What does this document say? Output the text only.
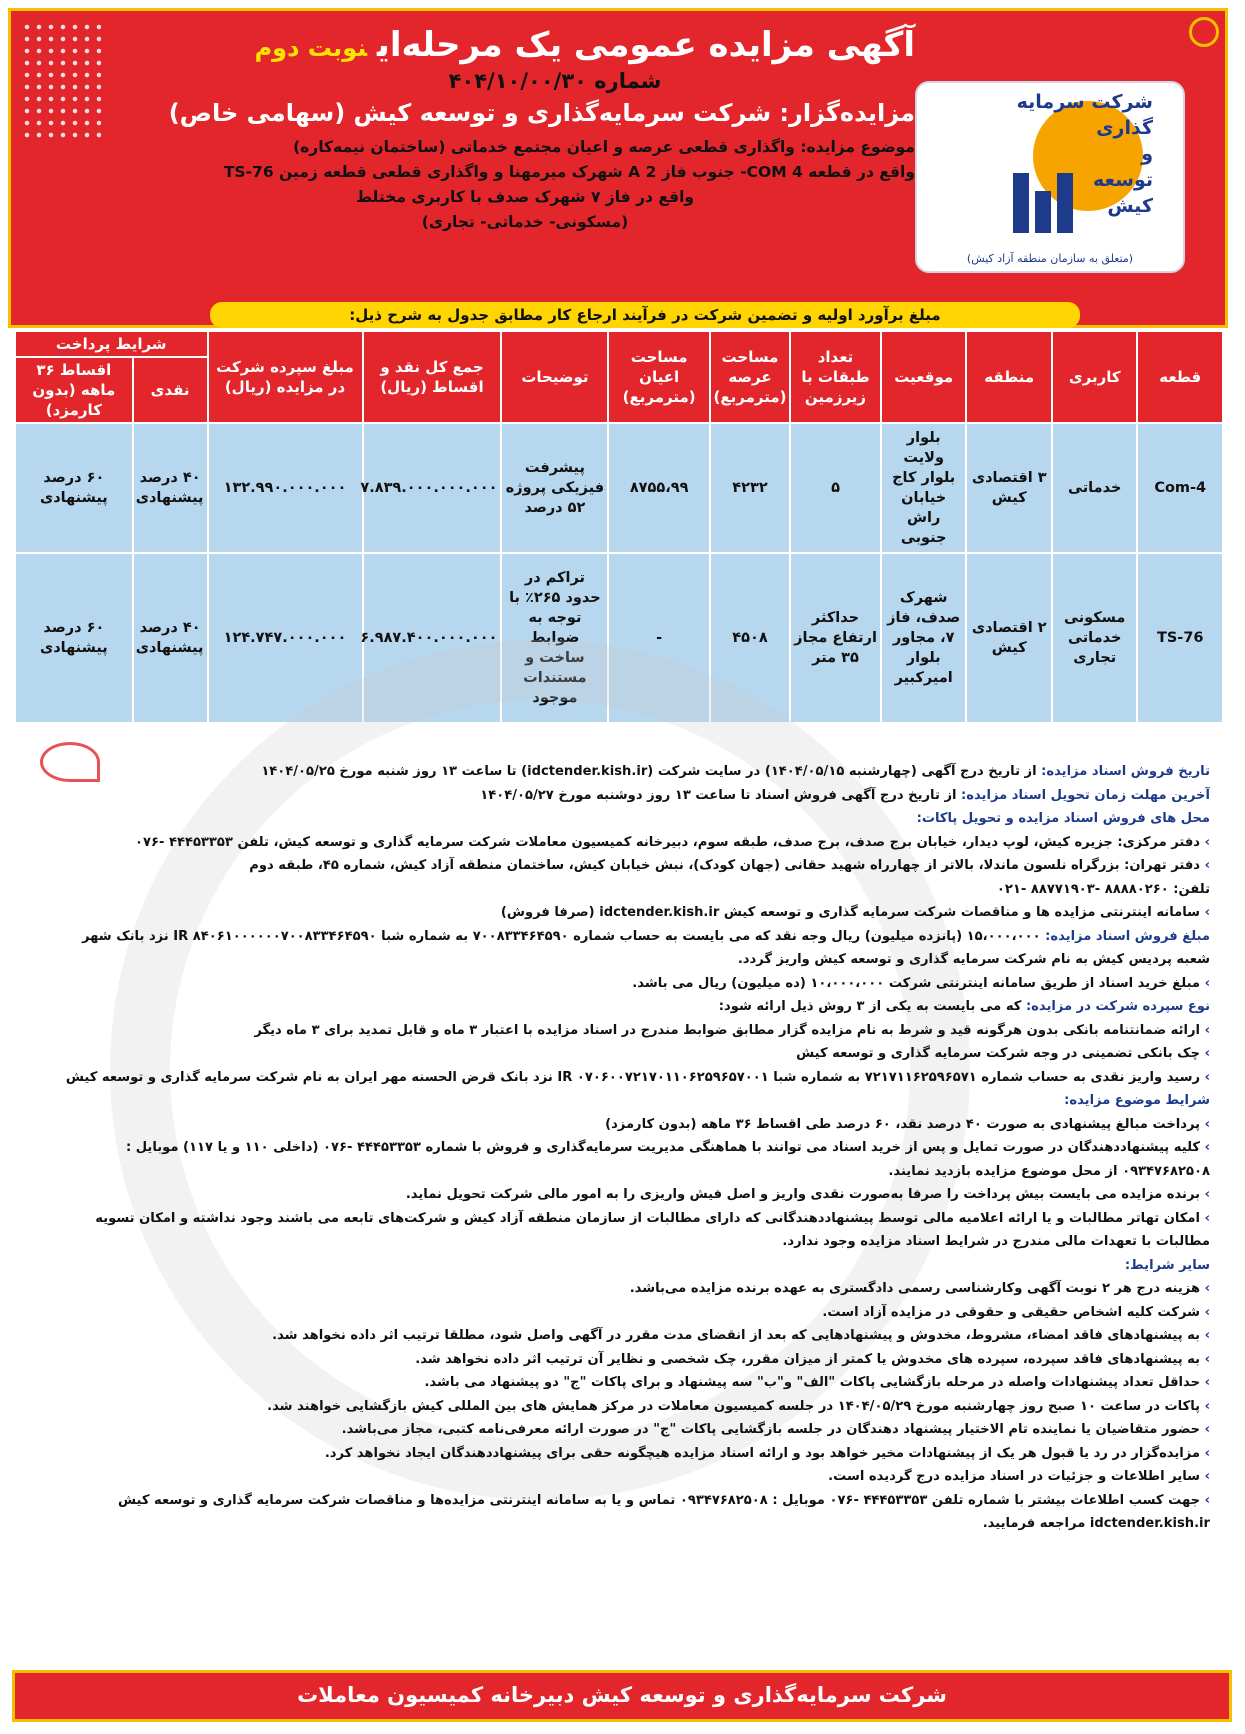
آگهی مزایده عمومی یک مرحله‌اینوبت دوم
شماره ۴۰۴/۱۰/۰۰/۳۰
مزایده‌گزار: شرکت سرمایه‌گذاری و توسعه کیش (سهامی خاص)
موضوع مزایده: واگذاری قطعی عرصه و اعیان مجتمع خدماتی (ساختمان نیمه‌کاره)
واقع در قطعه COM 4- جنوب فاز A 2 شهرک میرمهنا و واگذاری قطعی قطعه زمین TS-76

واقع در فاز ۷ شهرک صدف با کاربری مختلط
(مسکونی- خدماتی- تجاری)
شرکت سرمایه
گذاری
و
توسعه
کیش
(متعلق به سازمان منطقه آزاد کیش)
مبلغ برآورد اولیه و تضمین شرکت در فرآیند ارجاع کار مطابق جدول به شرح ذیل:
قطعه	کاربری	منطقه	موقعیت	تعداد طبقات با زیرزمین	مساحت عرصه (مترمربع)	مساحت اعیان (مترمربع)	توضیحات	جمع کل نقد و اقساط (ریال)	مبلغ سپرده شرکت در مزایده (ریال)	شرایط پرداخت	
										نقدی	اقساط ۳۶ ماهه (بدون کارمزد)
Com-4	خدماتی	۳ اقتصادی کیش	بلوار ولایت بلوار کاج خیابان راش جنوبی	۵	۴۲۳۲	۸۷۵۵،۹۹	پیشرفت فیزیکی پروژه ۵۲ درصد	۷.۸۳۹.۰۰۰.۰۰۰.۰۰۰	۱۳۲.۹۹۰.۰۰۰.۰۰۰	۴۰ درصد پیشنهادی	۶۰ درصد پیشنهادی
TS-76	مسکونی خدماتی تجاری	۲ اقتصادی کیش	شهرک صدف، فاز ۷، مجاور بلوار امیرکبیر	حداکثر ارتفاع مجاز ۳۵ متر	۴۵۰۸	-	تراکم در حدود ۲۶۵٪ با توجه به ضوابط ساخت و مستندات موجود	۶.۹۸۷.۴۰۰.۰۰۰.۰۰۰	۱۲۴.۷۴۷.۰۰۰.۰۰۰	۴۰ درصد پیشنهادی	۶۰ درصد پیشنهادی
تاریخ فروش اسناد مزایده: از تاریخ درج آگهی (چهارشنبه ۱۴۰۴/۰۵/۱۵) در سایت شرکت (idctender.kish.ir) تا ساعت ۱۳ روز شنبه مورخ ۱۴۰۴/۰۵/۲۵
آخرین مهلت زمان تحویل اسناد مزایده: از تاریخ درج آگهی فروش اسناد تا ساعت ۱۳ روز دوشنبه مورخ ۱۴۰۴/۰۵/۲۷
محل های فروش اسناد مزایده و تحویل پاکات:
› دفتر مرکزی: جزیره کیش، لوپ دیدار، خیابان برج صدف، برج صدف، طبقه سوم، دبیرخانه کمیسیون معاملات شرکت سرمایه گذاری و توسعه کیش، تلفن ۴۴۴۵۳۳۵۳ -۰۷۶
› دفتر تهران: بزرگراه نلسون ماندلا، بالاتر از چهارراه شهید حقانی (جهان کودک)، نبش خیابان کیش، ساختمان منطقه آزاد کیش، شماره ۴۵، طبقه دوم
تلفن: ۸۸۸۸۰۲۶۰ -۸۸۷۷۱۹۰۳ -۰۲۱
› سامانه اینترنتی مزایده ها و مناقصات شرکت سرمایه گذاری و توسعه کیش idctender.kish.ir (صرفا فروش)
مبلغ فروش اسناد مزایده: ۱۵،۰۰۰،۰۰۰ (پانزده میلیون) ریال وجه نقد که می بایست به حساب شماره ۷۰۰۸۳۳۴۶۴۵۹۰ به شماره شبا IR ۸۴۰۶۱۰۰۰۰۰۰۷۰۰۸۳۳۴۶۴۵۹۰ نزد بانک شهر
شعبه پردیس کیش به نام شرکت سرمایه گذاری و توسعه کیش واریز گردد.
› مبلغ خرید اسناد از طریق سامانه اینترنتی شرکت ۱۰،۰۰۰،۰۰۰ (ده میلیون) ریال می باشد.
نوع سپرده شرکت در مزایده: که می بایست به یکی از ۳ روش ذیل ارائه شود:
› ارائه ضمانتنامه بانکی بدون هرگونه قید و شرط به نام مزایده گزار مطابق ضوابط مندرج در اسناد مزایده با اعتبار ۳ ماه و قابل تمدید برای ۳ ماه دیگر
› چک بانکی تضمینی در وجه شرکت سرمایه گذاری و توسعه کیش
› رسید واریز نقدی به حساب شماره ۷۲۱۷۱۱۶۲۵۹۶۵۷۱ به شماره شبا IR ۰۷۰۶۰۰۷۲۱۷۰۱۱۰۶۲۵۹۶۵۷۰۰۱ نزد بانک قرض الحسنه مهر ایران به نام شرکت سرمایه گذاری و توسعه کیش
شرایط موضوع مزایده:
› پرداخت مبالغ پیشنهادی به صورت ۴۰ درصد نقد، ۶۰ درصد طی اقساط ۳۶ ماهه (بدون کارمزد)
› کلیه پیشنهاددهندگان در صورت تمایل و پس از خرید اسناد می توانند با هماهنگی مدیریت سرمایه‌گذاری و فروش با شماره ۴۴۴۵۳۳۵۳ -۰۷۶ (داخلی ۱۱۰ و یا ۱۱۷) موبایل :
۰۹۳۴۷۶۸۲۵۰۸ از محل موضوع مزایده بازدید نمایند.
› برنده مزایده می بایست بیش پرداخت را صرفا به‌صورت نقدی واریز و اصل فیش واریزی را به امور مالی شرکت تحویل نماید.
› امکان تهاتر مطالبات و یا ارائه اعلامیه مالی توسط پیشنهاددهندگانی که دارای مطالبات از سازمان منطقه آزاد کیش و شرکت‌های تابعه می باشند وجود نداشته و امکان تسویه
مطالبات با تعهدات مالی مندرج در شرایط اسناد مزایده وجود ندارد.
سایر شرایط:
› هزینه درج هر ۲ نوبت آگهی وکارشناسی رسمی دادگستری به عهده برنده مزایده می‌باشد.
› شرکت کلیه اشخاص حقیقی و حقوقی در مزایده آزاد است.
› به پیشنهادهای فاقد امضاء، مشروط، مخدوش و پیشنهادهایی که بعد از انقضای مدت مقرر در آگهی واصل شود، مطلقا ترتیب اثر داده نخواهد شد.
› به پیشنهادهای فاقد سپرده، سپرده های مخدوش یا کمتر از میزان مقرر، چک شخصی و نظایر آن ترتیب اثر داده نخواهد شد.
› حداقل تعداد پیشنهادات واصله در مرحله بازگشایی پاکات "الف" و"ب" سه پیشنهاد و برای پاکات "ج" دو پیشنهاد می باشد.
› پاکات در ساعت ۱۰ صبح روز چهارشنبه مورخ ۱۴۰۴/۰۵/۲۹ در جلسه کمیسیون معاملات در مرکز همایش های بین المللی کیش بازگشایی خواهند شد.
› حضور متقاضیان یا نماینده تام الاختیار پیشنهاد دهندگان در جلسه بازگشایی پاکات "ج" در صورت ارائه معرفی‌نامه کتبی، مجاز می‌باشد.
› مزایده‌گزار در رد یا قبول هر یک از پیشنهادات مخیر خواهد بود و ارائه اسناد مزایده هیچگونه حقی برای پیشنهاددهندگان ایجاد نخواهد کرد.
› سایر اطلاعات و جزئیات در اسناد مزایده درج گردیده است.
› جهت کسب اطلاعات بیشتر با شماره تلفن ۴۴۴۵۳۳۵۳ -۰۷۶ موبایل : ۰۹۳۴۷۶۸۲۵۰۸ تماس و یا به سامانه اینترنتی مزایده‌ها و مناقصات شرکت سرمایه گذاری و توسعه کیش
idctender.kish.ir مراجعه فرمایید.
شرکت سرمایه‌گذاری و توسعه کیش دبیرخانه کمیسیون معاملات
